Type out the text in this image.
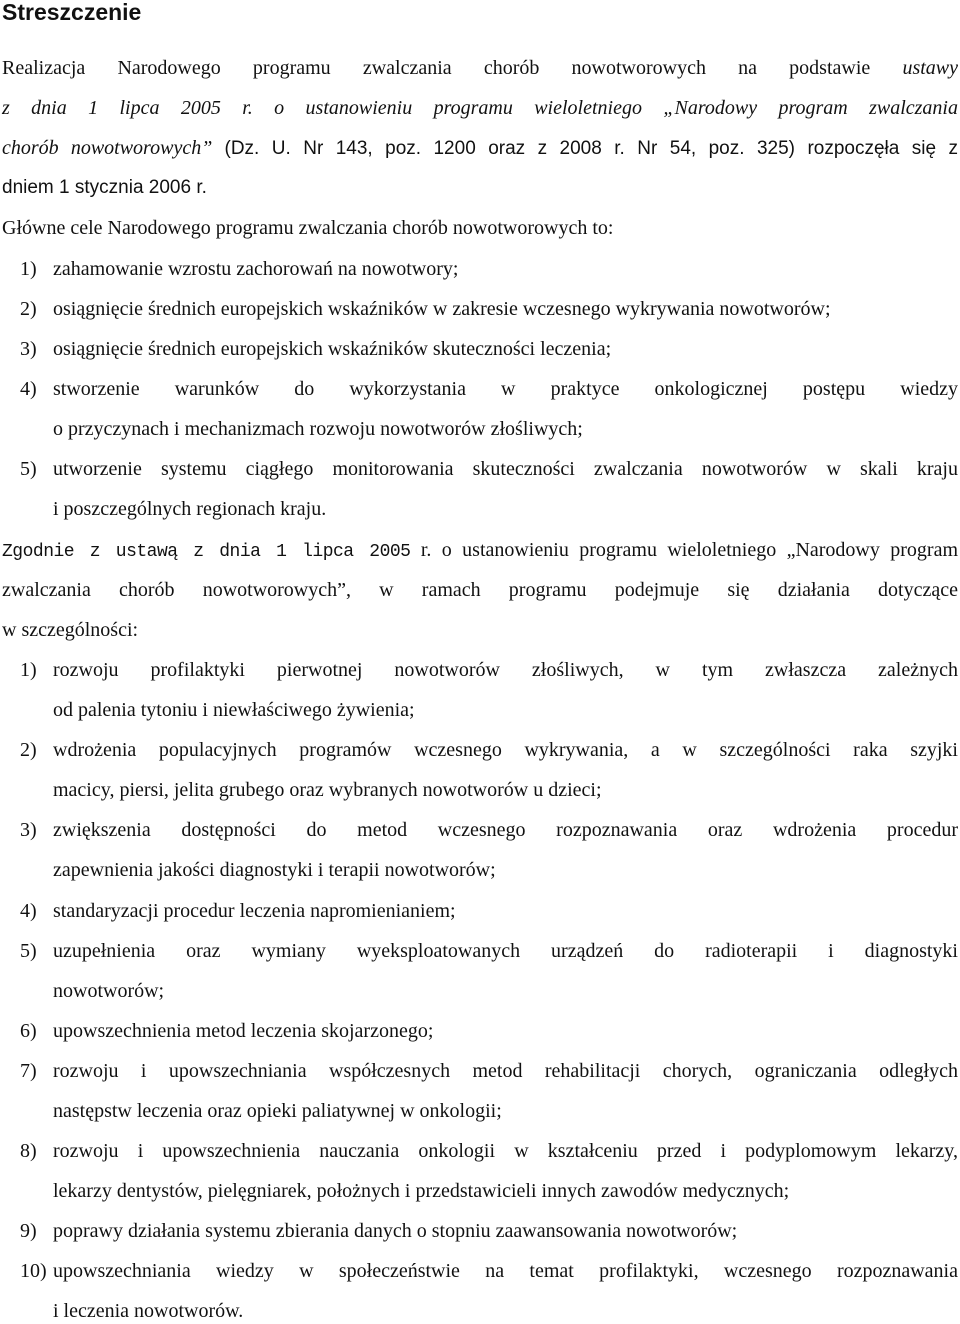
Streszczenie
Realizacja Narodowego programu zwalczania chorób nowotworowych na podstawie ustawy
z dnia 1 lipca 2005 r. o ustanowieniu programu wieloletniego „Narodowy program zwalczania
chorób nowotworowych” (Dz. U. Nr 143, poz. 1200 oraz z 2008 r. Nr 54, poz. 325) rozpoczęła się z
dniem 1 stycznia 2006 r.
Główne cele Narodowego programu zwalczania chorób nowotworowych to:
1) zahamowanie wzrostu zachorowań na nowotwory;
2) osiągnięcie średnich europejskich wskaźników w zakresie wczesnego wykrywania nowotworów;
3) osiągnięcie średnich europejskich wskaźników skuteczności leczenia;
4) stworzenie warunków do wykorzystania w praktyce onkologicznej postępu wiedzy
o przyczynach i mechanizmach rozwoju nowotworów złośliwych;
5) utworzenie systemu ciągłego monitorowania skuteczności zwalczania nowotworów w skali kraju
i poszczególnych regionach kraju.
Zgodnie z ustawą z dnia 1 lipca 2005 r. o ustanowieniu programu wieloletniego „Narodowy program
zwalczania chorób nowotworowych”, w ramach programu podejmuje się działania dotyczące
w szczególności:
1) rozwoju profilaktyki pierwotnej nowotworów złośliwych, w tym zwłaszcza zależnych
od palenia tytoniu i niewłaściwego żywienia;
2) wdrożenia populacyjnych programów wczesnego wykrywania, a w szczególności raka szyjki
macicy, piersi, jelita grubego oraz wybranych nowotworów u dzieci;
3) zwiększenia dostępności do metod wczesnego rozpoznawania oraz wdrożenia procedur
zapewnienia jakości diagnostyki i terapii nowotworów;
4) standaryzacji procedur leczenia napromienianiem;
5) uzupełnienia oraz wymiany wyeksploatowanych urządzeń do radioterapii i diagnostyki
nowotworów;
6) upowszechnienia metod leczenia skojarzonego;
7) rozwoju i upowszechniania współczesnych metod rehabilitacji chorych, ograniczania odległych
następstw leczenia oraz opieki paliatywnej w onkologii;
8) rozwoju i upowszechnienia nauczania onkologii w kształceniu przed i podyplomowym lekarzy,
lekarzy dentystów, pielęgniarek, położnych i przedstawicieli innych zawodów medycznych;
9) poprawy działania systemu zbierania danych o stopniu zaawansowania nowotworów;
10) upowszechniania wiedzy w społeczeństwie na temat profilaktyki, wczesnego rozpoznawania
i leczenia nowotworów.
